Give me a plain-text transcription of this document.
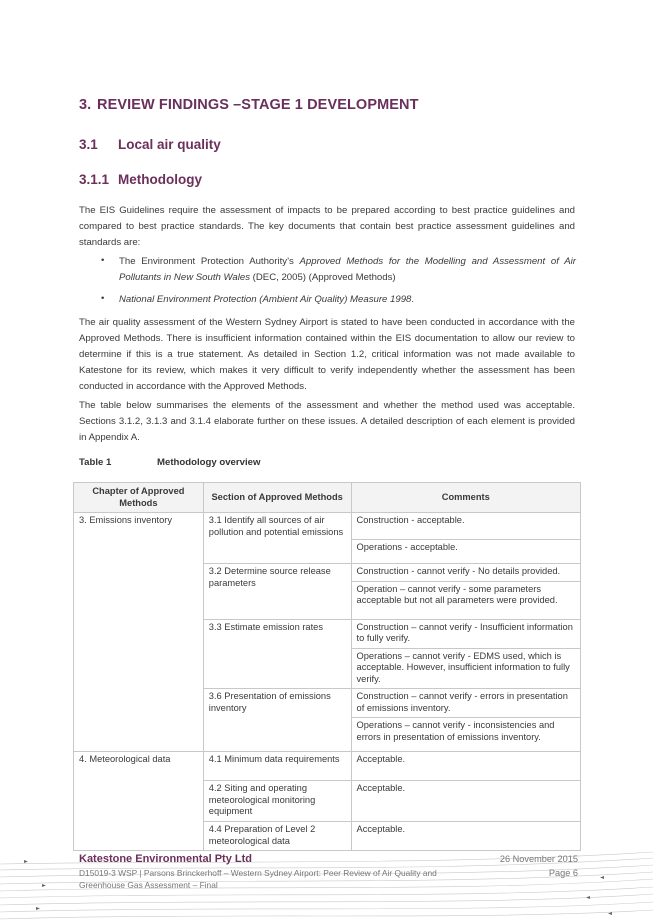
3. REVIEW FINDINGS –STAGE 1 DEVELOPMENT
3.1 Local air quality
3.1.1 Methodology
The EIS Guidelines require the assessment of impacts to be prepared according to best practice guidelines and compared to best practice standards. The key documents that contain best practice assessment guidelines and standards are:
• The Environment Protection Authority’s Approved Methods for the Modelling and Assessment of Air Pollutants in New South Wales (DEC, 2005) (Approved Methods)
• National Environment Protection (Ambient Air Quality) Measure 1998.
The air quality assessment of the Western Sydney Airport is stated to have been conducted in accordance with the Approved Methods. There is insufficient information contained within the EIS documentation to allow our review to determine if this is a true statement. As detailed in Section 1.2, critical information was not made available to Katestone for its review, which makes it very difficult to verify independently whether the assessment has been conducted in accordance with the Approved Methods.
The table below summarises the elements of the assessment and whether the method used was acceptable. Sections 3.1.2, 3.1.3 and 3.1.4 elaborate further on these issues. A detailed description of each element is provided in Appendix A.
Table 1	Methodology overview
Chapter of Approved Methods	Section of Approved Methods	Comments
3. Emissions inventory	3.1 Identify all sources of air pollution and potential emissions	Construction - acceptable.
		Operations - acceptable.
	3.2 Determine source release parameters	Construction - cannot verify - No details provided.
		Operation – cannot verify - some parameters acceptable but not all parameters were provided.
	3.3 Estimate emission rates	Construction – cannot verify - Insufficient information to fully verify.
		Operations – cannot verify - EDMS used, which is acceptable. However, insufficient information to fully verify.
	3.6 Presentation of emissions inventory	Construction – cannot verify - errors in presentation of emissions inventory.
		Operations – cannot verify - inconsistencies and errors in presentation of emissions inventory.
4. Meteorological data	4.1 Minimum data requirements	Acceptable.
	4.2 Siting and operating meteorological monitoring equipment	Acceptable.
	4.4 Preparation of Level 2 meteorological data	Acceptable.
Katestone Environmental Pty Ltd	26 November 2015
D15019-3 WSP | Parsons Brinckerhoff – Western Sydney Airport: Peer Review of Air Quality and	Page 6
Greenhouse Gas Assessment – Final
